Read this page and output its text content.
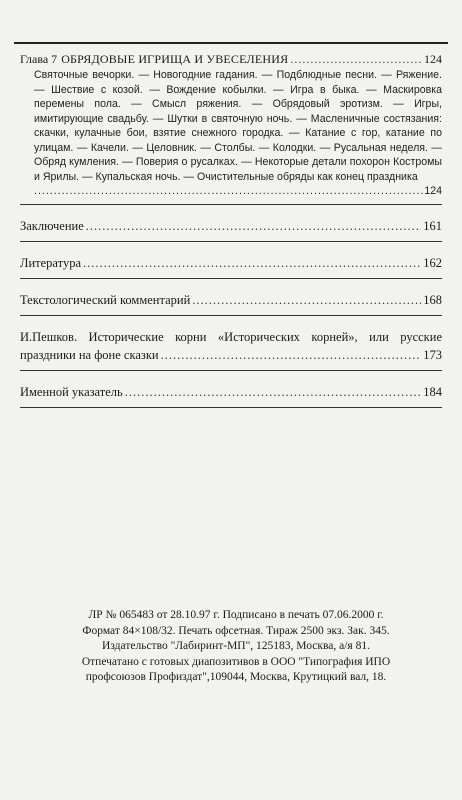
Глава 7 ОБРЯДОВЫЕ ИГРИЩА И УВЕСЕЛЕНИЯ .....	124
Святочные вечорки. — Новогодние гадания. — Подблюдные песни. — Ряжение. — Шествие с козой. — Вождение кобылки. — Игра в быка. — Маскировка перемены пола. — Смысл ряжения. — Обрядовый эротизм. — Игры, имитирующие свадьбу. — Шутки в святочную ночь. — Масленичные состязания: скачки, кулачные бои, взятие снежного городка. — Катание с гор, катание по улицам. — Качели. — Целовник. — Столбы. — Колодки. — Русальная неделя. — Обряд кумления. — Поверия о русалках. — Некоторые детали похорон Костромы и Ярилы. — Купальская ночь. — Очистительные обряды как конец праздника
.....
124
Заключение .....	161
Литература .....	162
Текстологический комментарий .....	168
И.Пешков. Исторические корни «Исторических корней», или русские
праздники на фоне сказки .....	173
Именной указатель .....	184
ЛР № 065483 от 28.10.97 г. Подписано в печать 07.06.2000 г.
Формат 84×108/32. Печать офсетная. Тираж 2500 экз. Зак. 345.
Издательство "Лабиринт-МП", 125183, Москва, а/я 81.
Отпечатано с готовых диапозитивов в ООО "Типография ИПО
профсоюзов Профиздат",109044, Москва, Крутицкий вал, 18.
